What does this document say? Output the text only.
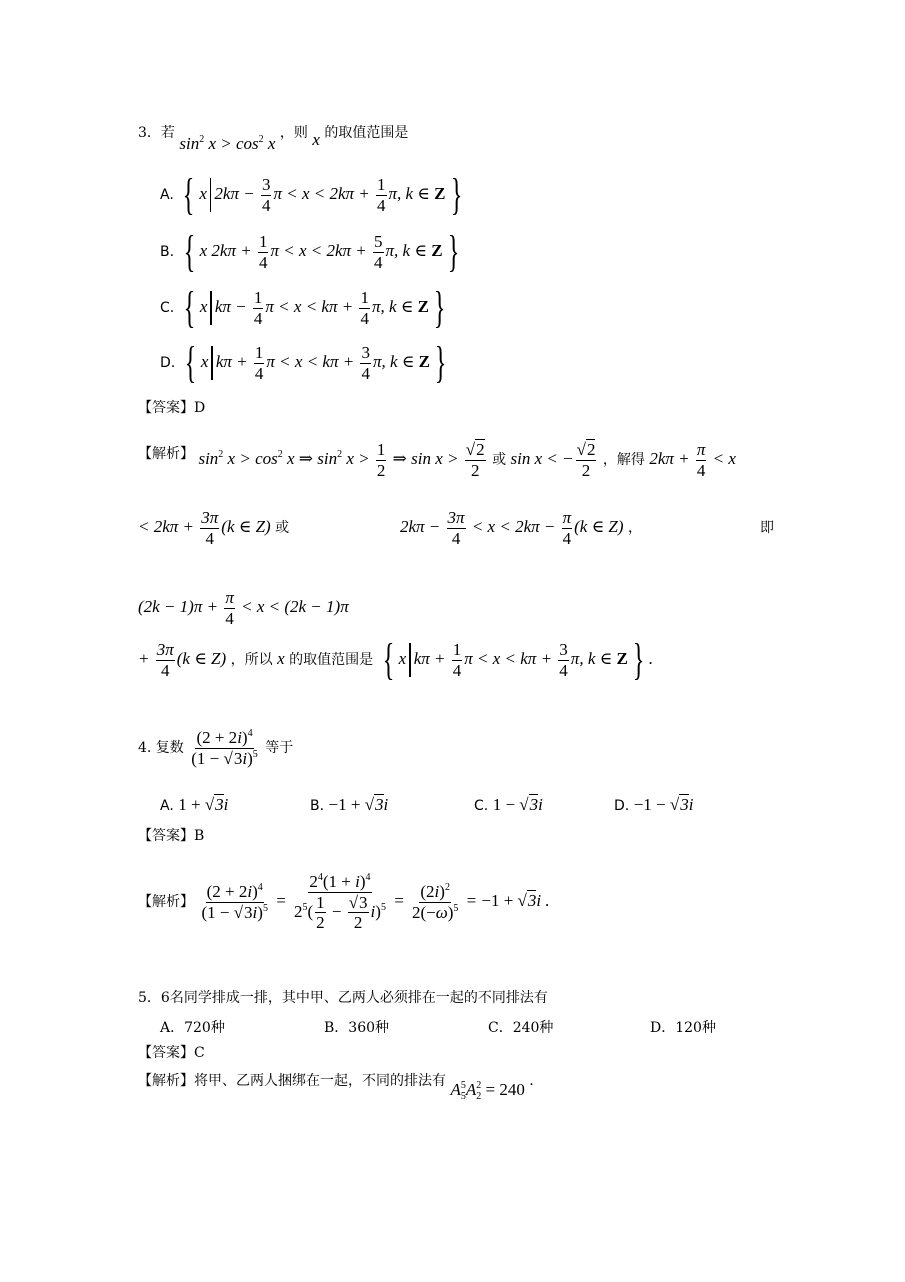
3．若 $\sin^2 x > \cos^2 x$ ，则 x 的取值范围是
A. { x $2k\pi - \frac{3}{4}$ $\pi < x < 2k\pi + \frac{1}{4} \pi$, k ∈ Z }
B. { x $2k\pi + \frac{1}{4}$ $\pi < x < 2k\pi + \frac{5}{4} \pi$, k ∈ Z }
C. { x $k\pi - \frac{1}{4}$ $\pi < x < k\pi + \frac{1}{4} \pi$, k ∈ Z }
D. { x $k\pi + \frac{1}{4}$ $\pi < x < k\pi + \frac{3}{4} \pi$, k ∈ Z }
【答案】D
【解析】 $\sin^2 x > \cos^2 x$ ⇒ $\sin^2 x > \frac{1}{2}$ ⇒ $\sin x > \frac{√2}{2}$ 或 sin x < − $\frac{√2}{2}$ ，解得 $2k\pi + \frac{\pi}{4} < x$
< $2k\pi + \frac{3\pi}{4} (k$ ∈ Z) 或	$2k\pi - \frac{3\pi}{4} < x < 2k\pi - \frac{\pi}{4} (k$ ∈ Z) ，	即
$(2k - 1)\pi + \frac{\pi}{4} < x < (2k - 1)\pi$
+ $\frac{3\pi}{4} (k$ ∈ Z) ，所以 x 的取值范围是 { x $k\pi + \frac{1}{4}$ $\pi < x < k\pi + \frac{3}{4} \pi$, k ∈ Z } .
4. 复数 $\frac{(2 + 2i)^4}{(1 - √3i)^5}$ 等于
A. 1 + √3i	B. −1 + √3i	C. 1 − √3i	D. −1 − √3i
【答案】B
【解析】 $\frac{(2 + 2i)^4}{(1 - √3i)^5} = \frac{2^4(1 + i)^4}{2^5( \frac{1}{2} - \frac{√3}{2} i)^5} = \frac{(2i)^2}{2(-\omega)^5} = -1 + √3i$ .
5．6名同学排成一排，其中甲、乙两人必须排在一起的不同排法有
A．720种	B．360种	C．240种	D．120种
【答案】C
【解析】将甲、乙两人捆绑在一起，不同的排法有 $A^5_5A^2_2 = 240$ .
